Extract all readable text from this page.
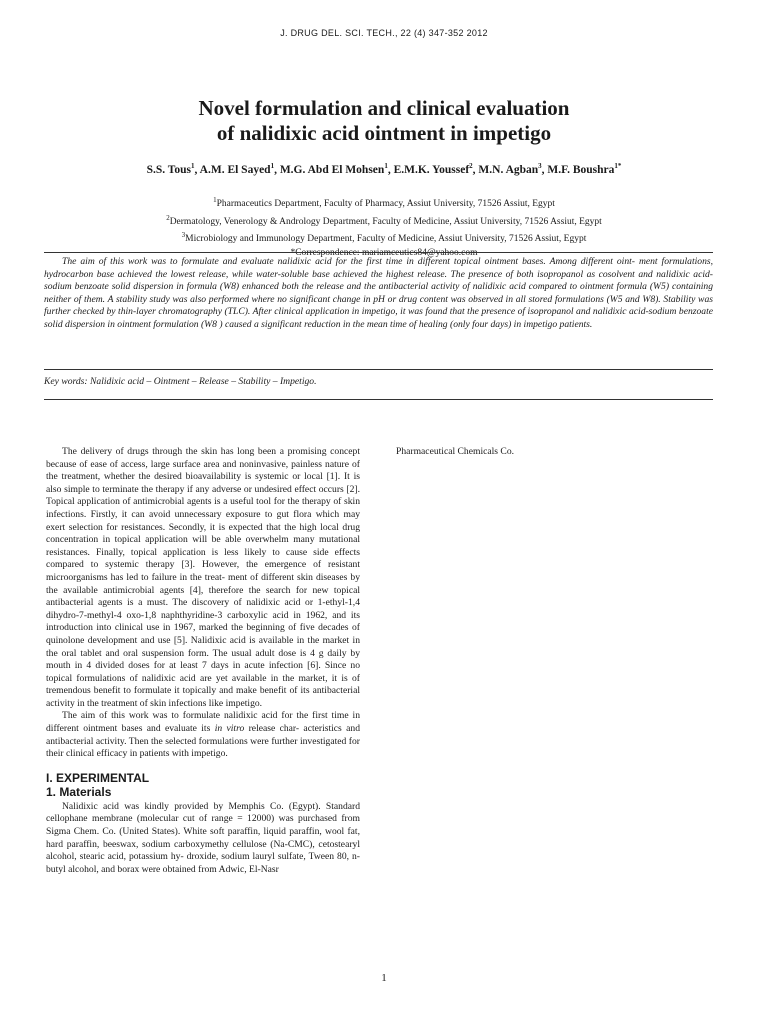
J. DRUG DEL. SCI. TECH., 22 (4) 347-352 2012
Novel formulation and clinical evaluation
of nalidixic acid ointment in impetigo
S.S. Tous$^1$, A.M. El Sayed$^1$, M.G. Abd El Mohsen$^1$, E.M.K. Youssef$^2$, M.N. Agban$^3$, M.F. Boushra$^{1*}$
$^1$Pharmaceutics Department, Faculty of Pharmacy, Assiut University, 71526 Assiut, Egypt
$^2$Dermatology, Venerology & Andrology Department, Faculty of Medicine, Assiut University, 71526 Assiut, Egypt
$^3$Microbiology and Immunology Department, Faculty of Medicine, Assiut University, 71526 Assiut, Egypt
*Correspondence: mariamceutics84@yahoo.com
The aim of this work was to formulate and evaluate nalidixic acid for the first time in different topical ointment bases. Among different oint- ment formulations, hydrocarbon base achieved the lowest release, while water-soluble base achieved the highest release. The presence of both isopropanol as cosolvent and nalidixic acid-sodium benzoate solid dispersion in formula (W8) enhanced both the release and the antibacterial activity of nalidixic acid compared to ointment formula (W5) containing neither of them. A stability study was also performed where no significant change in pH or drug content was observed in all stored formulations (W5 and W8). Stability was further checked by thin-layer chromatography (TLC). After clinical application in impetigo, it was found that the presence of isopropanol and nalidixic acid-sodium benzoate solid dispersion in ointment formulation (W8 ) caused a significant reduction in the mean time of healing (only four days) in impetigo patients.
Key words: Nalidixic acid – Ointment – Release – Stability – Impetigo.

The delivery of drugs through the skin has long been a promising concept because of ease of access, large surface area and noninvasive, painless nature of the treatment, whether the desired bioavailability is systemic or local [1]. It is also simple to terminate the therapy if any adverse or undesired effect occurs [2]. Topical application of antimicrobial agents is a useful tool for the therapy of skin infections. Firstly, it can avoid unnecessary exposure to gut flora which may exert selection for resistances. Secondly, it is expected that the high local drug concentration in topical application will be able overwhelm many mutational resistances. Finally, topical application is less likely to cause side effects compared to systemic therapy [3]. However, the emergence of resistant microorganisms has led to failure in the treat- ment of different skin diseases by the available antimicrobial agents [4], therefore the search for new topical antibacterial agents is a must. The discovery of nalidixic acid or 1-ethyl-1,4 dihydro-7-methyl-4 oxo-1,8 naphthyridine-3 carboxylic acid in 1962, and its introduction into clinical use in 1967, marked the beginning of five decades of quinolone development and use [5]. Nalidixic acid is available in the market in the oral tablet and oral suspension form. The usual adult dose is 4 g daily by mouth in 4 divided doses for at least 7 days in acute infection [6]. Since no topical formulations of nalidixic acid are yet available in the market, it is of tremendous benefit to formulate it topically and make benefit of its antibacterial activity in the treatment of skin infections like impetigo.

The aim of this work was to formulate nalidixic acid for the first time in different ointment bases and evaluate its in vitro release char- acteristics and antibacterial activity. Then the selected formulations were further investigated for their clinical efficacy in patients with impetigo.

I. EXPERIMENTAL
1. Materials

Nalidixic acid was kindly provided by Memphis Co. (Egypt). Standard cellophane membrane (molecular cut of range = 12000) was purchased from Sigma Chem. Co. (United States). White soft paraffin, liquid paraffin, wool fat, hard paraffin, beeswax, sodium carboxymethy cellulose (Na-CMC), cetostearyl alcohol, stearic acid, potassium hy- droxide, sodium lauryl sulfate, Tween 80, n-butyl alcohol, and borax were obtained from Adwic, El-Nasr

Pharmaceutical Chemicals Co.
1
